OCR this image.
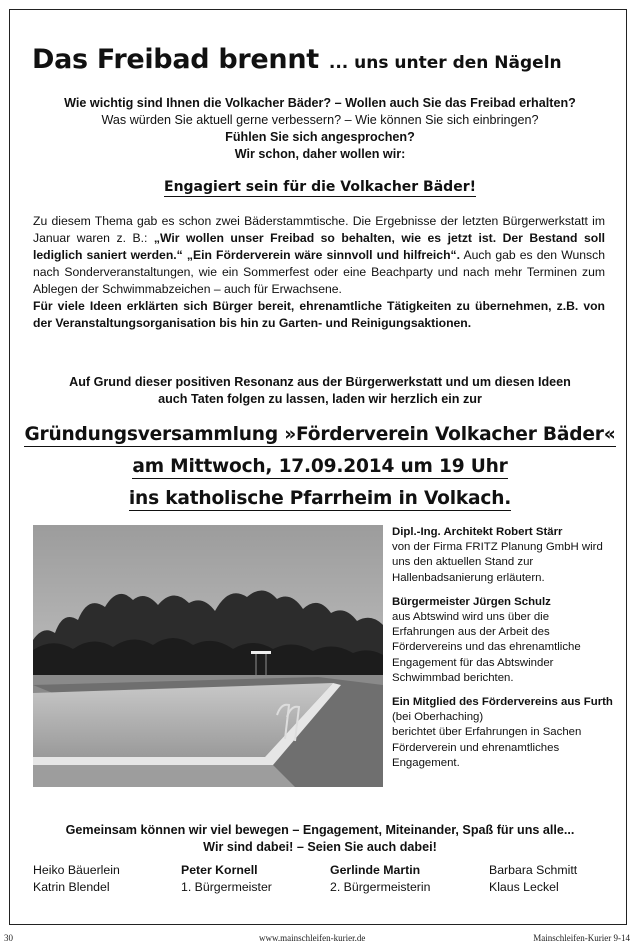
Das Freibad brennt ... uns unter den Nägeln
Wie wichtig sind Ihnen die Volkacher Bäder? – Wollen auch Sie das Freibad erhalten?
Was würden Sie aktuell gerne verbessern? – Wie können Sie sich einbringen?
Fühlen Sie sich angesprochen?
Wir schon, daher wollen wir:
Engagiert sein für die Volkacher Bäder!

Zu diesem Thema gab es schon zwei Bäderstammtische. Die Ergebnisse der letzten Bürgerwerkstatt im Januar waren z. B.: „Wir wollen unser Freibad so behalten, wie es jetzt ist. Der Bestand soll lediglich saniert werden.“ „Ein Förderverein wäre sinnvoll und hilfreich“. Auch gab es den Wunsch nach Sonderveranstaltungen, wie ein Sommerfest oder eine Beachparty und nach mehr Terminen zum Ablegen der Schwimmabzeichen – auch für Erwachsene.

Für viele Ideen erklärten sich Bürger bereit, ehrenamtliche Tätigkeiten zu übernehmen, z.B. von der Veranstaltungsorganisation bis hin zu Garten- und Reinigungsaktionen.

Auf Grund dieser positiven Resonanz aus der Bürgerwerkstatt und um diesen Ideen
auch Taten folgen zu lassen, laden wir herzlich ein zur
Gründungsversammlung »Förderverein Volkacher Bäder«
am Mittwoch, 17.09.2014 um 19 Uhr
ins katholische Pfarrheim in Volkach.
Dipl.-Ing. Architekt Robert Stärr
von der Firma FRITZ Planung GmbH wird uns den aktuellen Stand zur Hallenbadsanierung erläutern.
Bürgermeister Jürgen Schulz
aus Abtswind wird uns über die Erfahrungen aus der Arbeit des Fördervereins und das ehrenamtliche Engagement für das Abtswinder Schwimmbad berichten.
Ein Mitglied des Fördervereins aus Furth (bei Oberhaching)
berichtet über Erfahrungen in Sachen Förderverein und ehrenamtliches Engagement.
Gemeinsam können wir viel bewegen – Engagement, Miteinander, Spaß für uns alle...
Wir sind dabei! – Seien Sie auch dabei!
Heiko Bäuerlein
Katrin Blendel
Peter Kornell
1. Bürgermeister
Gerlinde Martin
2. Bürgermeisterin
Barbara Schmitt
Klaus Leckel
30	www.mainschleifen-kurier.de	Mainschleifen-Kurier 9-14
